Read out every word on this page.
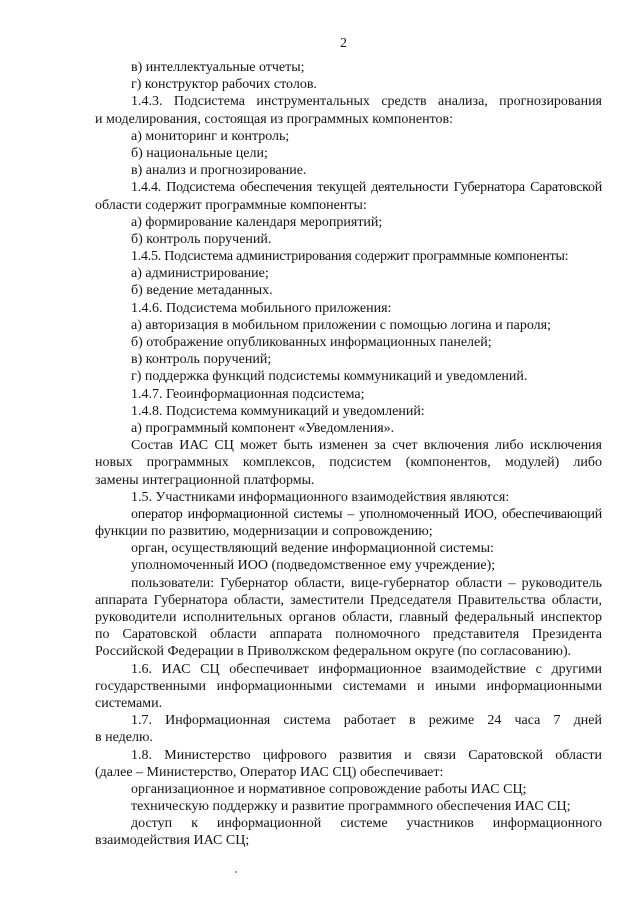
2
в) интеллектуальные отчеты;
г) конструктор рабочих столов.
1.4.3. Подсистема инструментальных средств анализа, прогнозирования
и моделирования, состоящая из программных компонентов:
а) мониторинг и контроль;
б) национальные цели;
в) анализ и прогнозирование.
1.4.4. Подсистема обеспечения текущей деятельности Губернатора Саратовской
области содержит программные компоненты:
а) формирование календаря мероприятий;
б) контроль поручений.
1.4.5. Подсистема администрирования содержит программные компоненты:
а) администрирование;
б) ведение метаданных.
1.4.6. Подсистема мобильного приложения:
а) авторизация в мобильном приложении с помощью логина и пароля;
б) отображение опубликованных информационных панелей;
в) контроль поручений;
г) поддержка функций подсистемы коммуникаций и уведомлений.
1.4.7. Геоинформационная подсистема;
1.4.8. Подсистема коммуникаций и уведомлений:
а) программный компонент «Уведомления».
Состав ИАС СЦ может быть изменен за счет включения либо исключения
новых программных комплексов, подсистем (компонентов, модулей) либо
замены интеграционной платформы.
1.5. Участниками информационного взаимодействия являются:
оператор информационной системы – уполномоченный ИОО, обеспечивающий
функции по развитию, модернизации и сопровождению;
орган, осуществляющий ведение информационной системы:
уполномоченный ИОО (подведомственное ему учреждение);
пользователи: Губернатор области, вице-губернатор области – руководитель
аппарата Губернатора области, заместители Председателя Правительства области,
руководители исполнительных органов области, главный федеральный инспектор
по Саратовской области аппарата полномочного представителя Президента
Российской Федерации в Приволжском федеральном округе (по согласованию).
1.6. ИАС СЦ обеспечивает информационное взаимодействие с другими
государственными информационными системами и иными информационными
системами.
1.7. Информационная система работает в режиме 24 часа 7 дней
в неделю.
1.8. Министерство цифрового развития и связи Саратовской области
(далее – Министерство, Оператор ИАС СЦ) обеспечивает:
организационное и нормативное сопровождение работы ИАС СЦ;
техническую поддержку и развитие программного обеспечения ИАС СЦ;
доступ к информационной системе участников информационного
взаимодействия ИАС СЦ;
